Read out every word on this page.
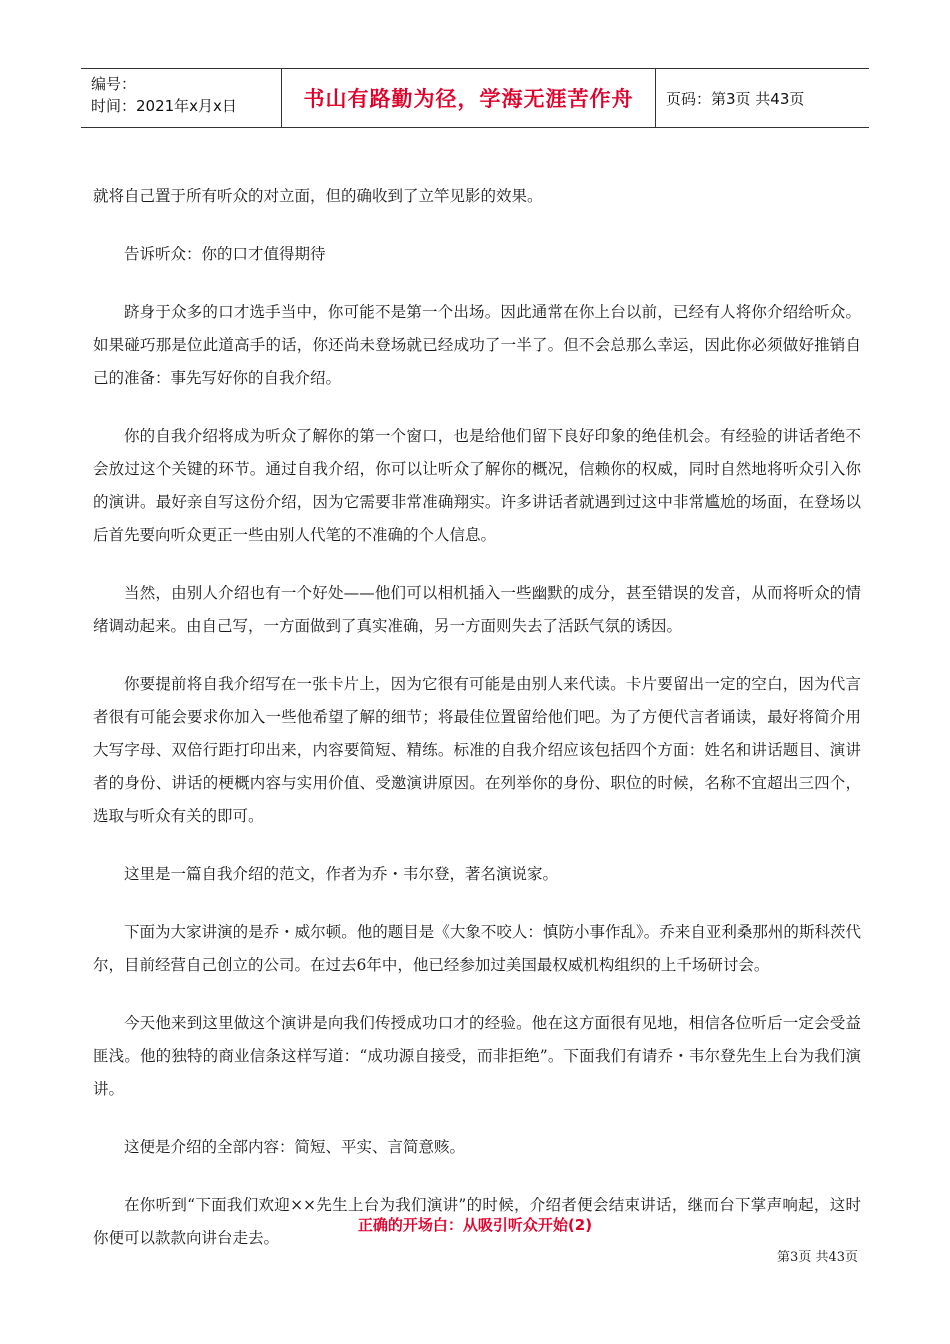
编号：
时间：2021年x月x日	书山有路勤为径，学海无涯苦作舟	页码：第3页 共43页

就将自己置于所有听众的对立面，但的确收到了立竿见影的效果。

告诉听众：你的口才值得期待

跻身于众多的口才选手当中，你可能不是第一个出场。因此通常在你上台以前，已经有人将你介绍给听众。如果碰巧那是位此道高手的话，你还尚未登场就已经成功了一半了。但不会总那么幸运，因此你必须做好推销自己的准备：事先写好你的自我介绍。

你的自我介绍将成为听众了解你的第一个窗口，也是给他们留下良好印象的绝佳机会。有经验的讲话者绝不会放过这个关键的环节。通过自我介绍，你可以让听众了解你的概况，信赖你的权威，同时自然地将听众引入你的演讲。最好亲自写这份介绍，因为它需要非常准确翔实。许多讲话者就遇到过这中非常尴尬的场面，在登场以后首先要向听众更正一些由别人代笔的不准确的个人信息。

当然，由别人介绍也有一个好处——他们可以相机插入一些幽默的成分，甚至错误的发音，从而将听众的情绪调动起来。由自己写，一方面做到了真实准确，另一方面则失去了活跃气氛的诱因。

你要提前将自我介绍写在一张卡片上，因为它很有可能是由别人来代读。卡片要留出一定的空白，因为代言者很有可能会要求你加入一些他希望了解的细节；将最佳位置留给他们吧。为了方便代言者诵读，最好将简介用大写字母、双倍行距打印出来，内容要简短、精练。标准的自我介绍应该包括四个方面：姓名和讲话题目、演讲者的身份、讲话的梗概内容与实用价值、受邀演讲原因。在列举你的身份、职位的时候，名称不宜超出三四个，选取与听众有关的即可。

这里是一篇自我介绍的范文，作者为乔・韦尔登，著名演说家。

下面为大家讲演的是乔・威尔顿。他的题目是《大象不咬人：慎防小事作乱》。乔来自亚利桑那州的斯科茨代尔，目前经营自己创立的公司。在过去6年中，他已经参加过美国最权威机构组织的上千场研讨会。

今天他来到这里做这个演讲是向我们传授成功口才的经验。他在这方面很有见地，相信各位听后一定会受益匪浅。他的独特的商业信条这样写道：“成功源自接受，而非拒绝”。下面我们有请乔・韦尔登先生上台为我们演讲。

这便是介绍的全部内容：简短、平实、言简意赅。

在你听到“下面我们欢迎××先生上台为我们演讲”的时候，介绍者便会结束讲话，继而台下掌声响起，这时你便可以款款向讲台走去。

正确的开场白：从吸引听众开始(2)
第3页 共43页
